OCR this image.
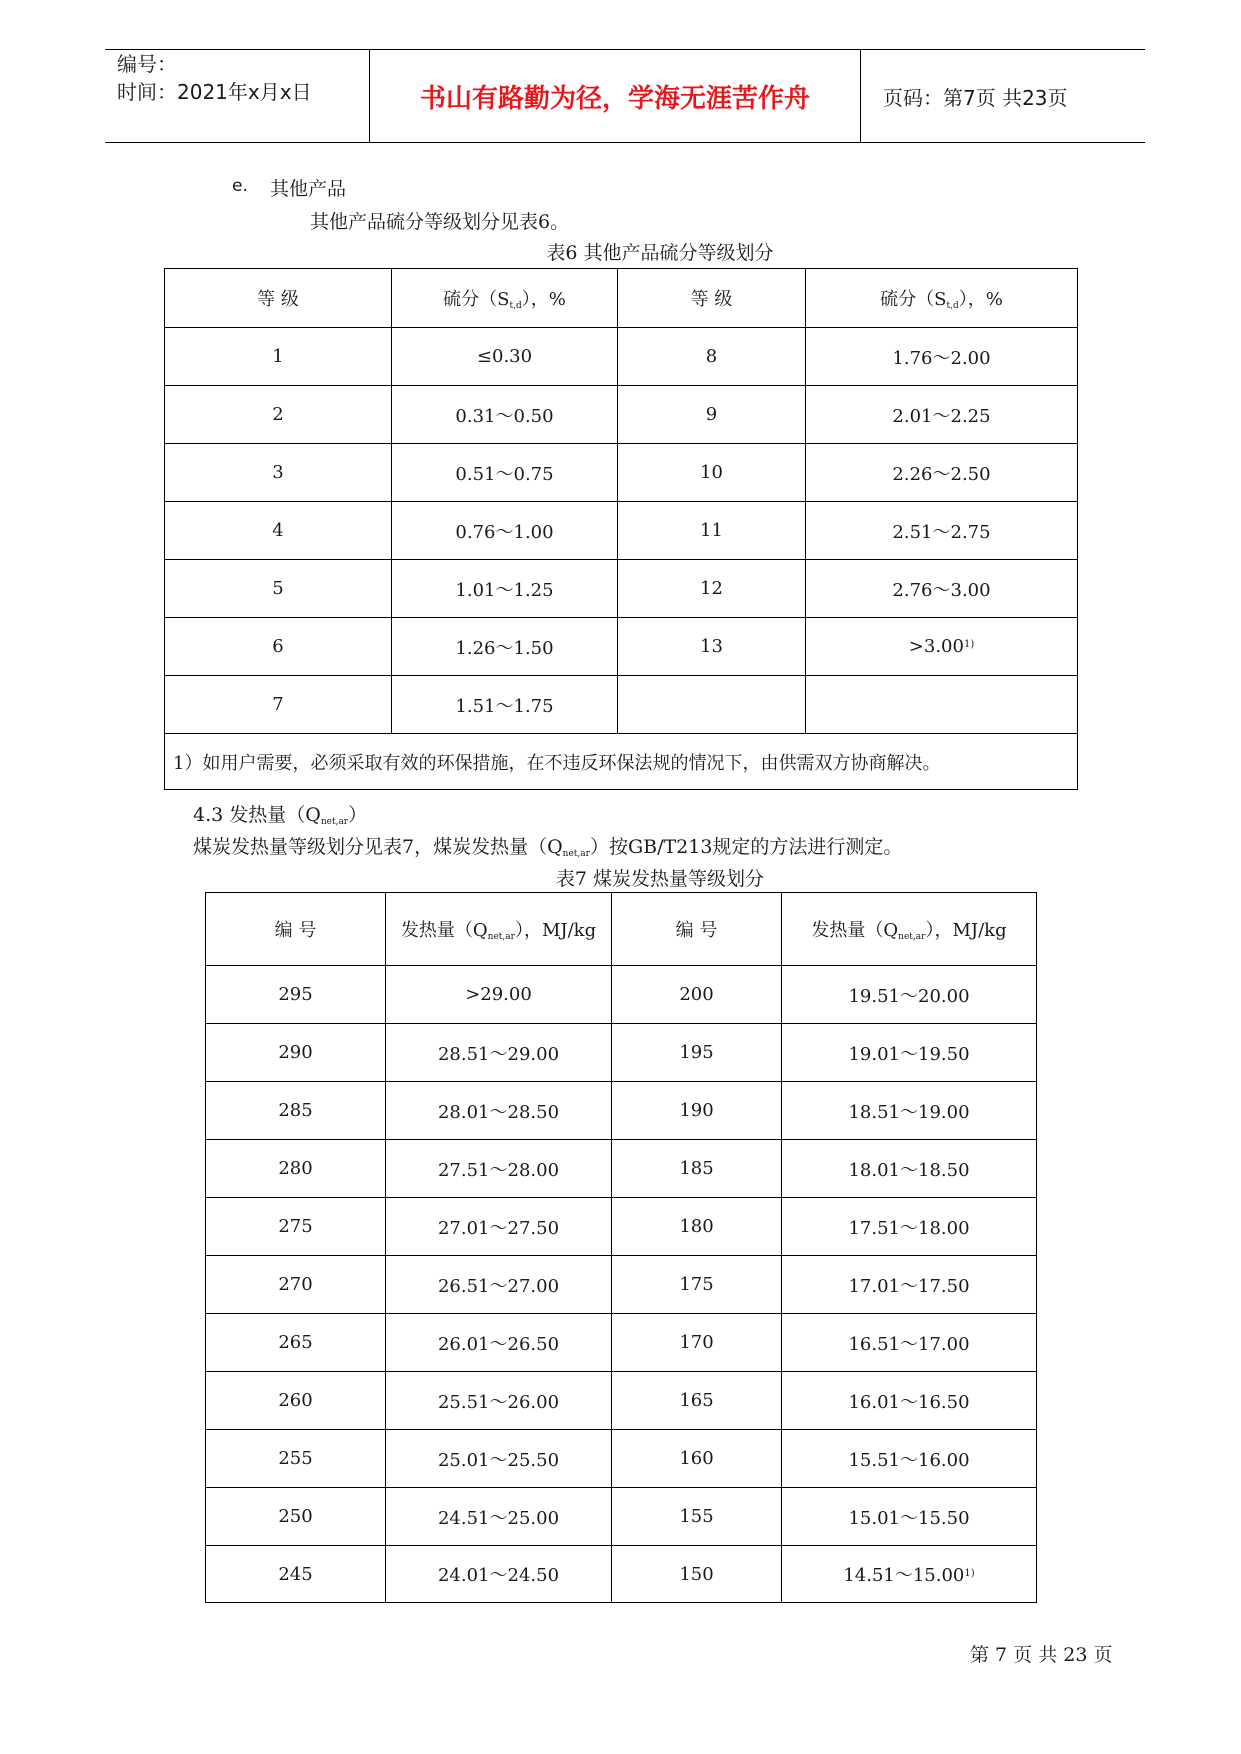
编号：
时间：2021年x月x日	书山有路勤为径，学海无涯苦作舟	页码：第7页 共23页
e. 其他产品
其他产品硫分等级划分见表6。
表6 其他产品硫分等级划分
等 级	硫分$(S_{t,d})$，%	等 级	硫分$(S_{t,d})$，%
1	≤0.30	8	1.76～2.00
2	0.31～0.50	9	2.01～2.25
3	0.51～0.75	10	2.26～2.50
4	0.76～1.00	11	2.51～2.75
5	1.01～1.25	12	2.76～3.00
6	1.26～1.50	13	$>3.00^{1)}$
7	1.51～1.75		
1）如用户需要，必须采取有效的环保措施，在不违反环保法规的情况下，由供需双方协商解决。			
4.3 发热量$(Q_{net,ar})$
煤炭发热量等级划分见表7，煤炭发热量$(Q_{net,ar})$按GB/T213规定的方法进行测定。
表7 煤炭发热量等级划分
编 号	发热量$(Q_{net,ar})$，MJ/kg	编 号	发热量$(Q_{net,ar})$，MJ/kg
295	>29.00	200	19.51～20.00
290	28.51～29.00	195	19.01～19.50
285	28.01～28.50	190	18.51～19.00
280	27.51～28.00	185	18.01～18.50
275	27.01～27.50	180	17.51～18.00
270	26.51～27.00	175	17.01～17.50
265	26.01～26.50	170	16.51～17.00
260	25.51～26.00	165	16.01～16.50
255	25.01～25.50	160	15.51～16.00
250	24.51～25.00	155	15.01～15.50
245	24.01～24.50	150	14.51～15.00$^{1)}$
第 7 页 共 23 页
